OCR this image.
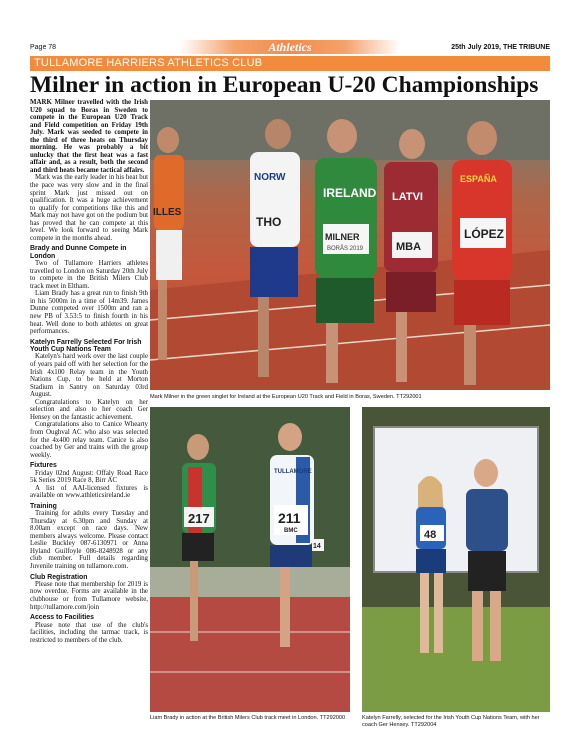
Page 78	Athletics	25th July 2019, THE TRIBUNE
TULLAMORE HARRIERS ATHLETICS CLUB
Milner in action in European U-20 Championships

MARK Milner travelled with the Irish U20 squad to Boras in Sweden to compete in the European U20 Track and Field competition on Friday 19th July. Mark was seeded to compete in the third of three heats on Thursday morning. He was probably a bit unlucky that the first heat was a fast affair and, as a result, both the second and third heats became tactical affairs.

Mark was the early leader in his heat but the pace was very slow and in the final sprint Mark just missed out on qualification. It was a huge achievement to qualify for competitions like this and Mark may not have got on the podium but has proved that he can compete at this level. We look forward to seeing Mark compete in the months ahead.

Brady and Dunne Compete in London

Two of Tullamore Harriers athletes travelled to London on Saturday 20th July to compete in the British Milers Club track meet in Eltham.

Liam Brady has a great run to finish 9th in his 5000m in a time of 14m39. James Dunne competed over 1500m and ran a new PB of 3.53:5 to finish fourth in his heat. Well done to both athletes on great performances.

Katelyn Farrelly Selected For Irish Youth Cup Nations Team

Katelyn's hard work over the last couple of years paid off with her selection for the Irish 4x100 Relay team in the Youth Nations Cup, to be held at Morton Stadium in Santry on Saturday 03rd August.

Congratulations to Katelyn on her selection and also to her coach Ger Hensey on the fantastic achievement.

Congratulations also to Canice Whearty from Oughval AC who also was selected for the 4x400 relay team. Canice is also coached by Ger and trains with the group weekly.

Fixtures

Friday 02nd August: Offaly Road Race 5k Series 2019 Race 8, Birr AC

A list of AAI-licensed fixtures is available on www.athleticsireland.ie

Training

Training for adults every Tuesday and Thursday at 6.30pm and Sunday at 8.00am except on race days. New members always welcome. Please contact Leslie Buckley 087-6130971 or Anna Hyland Guilfoyle 086-8248928 or any club member. Full details regarding Juvenile training on tullamore.com.

Club Registration

Please note that membership for 2019 is now overdue. Forms are available in the clubhouse or from Tullamore website, http://tullamore.com/join

Access to Facilities

Please note that use of the club's facilities, including the tarmac track, is restricted to members of the club.

ILLES
NORW
THO
IRELAND
MILNER
BORÅS 2019
LATVI
MBA
ESPAÑA
LÓPEZ
Mark Milner in the green singlet for Ireland at the European U20 Track and Field in Boras, Sweden. TT292001
217
TULLAMORE
211
BMC
14
Liam Brady in action at the British Milers Club track meet in London. TT292000
48
Katelyn Farrelly, selected for the Irish Youth Cup Nations Team, with her coach Ger Hensey. TT292004
